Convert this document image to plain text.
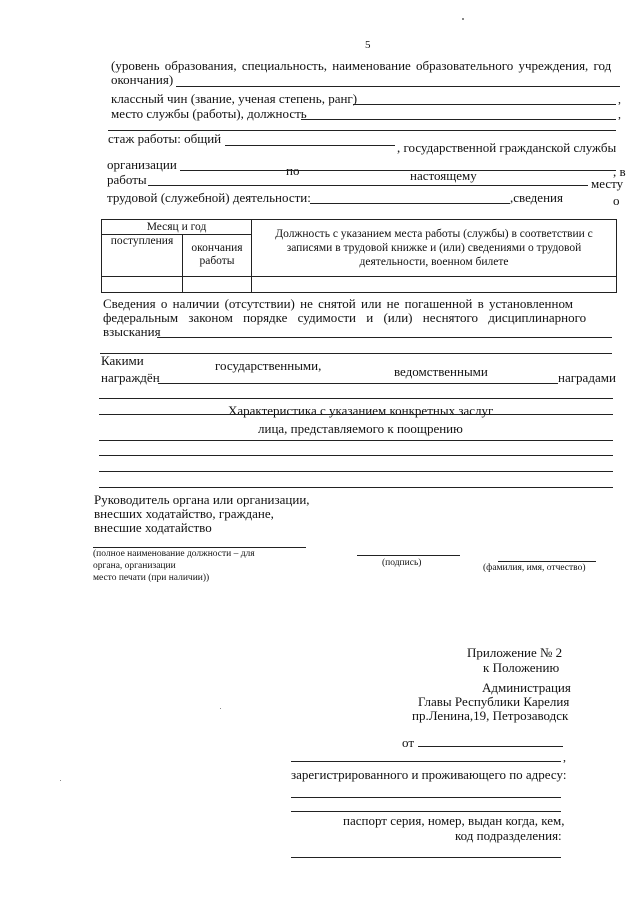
5
(уровень образования, специальность, наименование образовательного учреждения, год
окончания)
классный чин (звание, ученая степень, ранг)	,
место службы (работы), должность	,
стаж работы: общий
, государственной гражданской службы
организации	по	настоящему	, в
работы	месту
трудовой (служебной) деятельности:	,сведения	о
Месяц и год		Должность с указанием места работы (службы) в соответствии с записями в трудовой книжке и (или) сведениями о трудовой деятельности, военном билете
поступления	окончания
работы	

Сведения о наличии (отсутствии) не снятой или не погашенной в установленном
федеральным законом порядке судимости и (или) неснятого дисциплинарного
взыскания
Какими	государственными,	ведомственными
награждён	наградами
Характеристика с указанием конкретных заслуг
лица, представляемого к поощрению
Руководитель органа или организации,
внесших ходатайство, граждане,
внесшие ходатайство
(полное наименование должности – для
органа, организации
место печати (при наличии))
(подпись)	(фамилия, имя, отчество)
Приложение № 2
к Положению
Администрация
Главы Республики Карелия
пр.Ленина,19, Петрозаводск
от
,
зарегистрированного и проживающего по адресу:
паспорт серия, номер, выдан когда, кем,
код подразделения:
